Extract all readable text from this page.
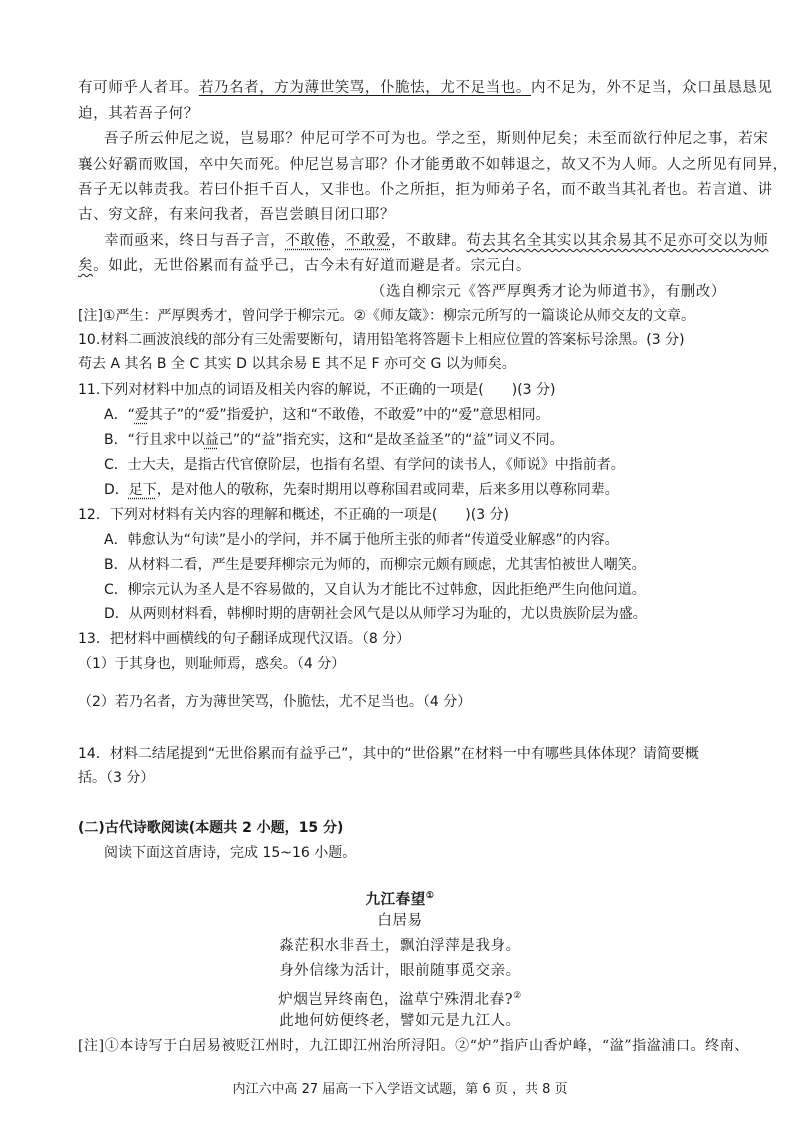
有可师乎人者耳。若乃名者，方为薄世笑骂，仆脆怯，尤不足当也。内不足为，外不足当，众口虽恳恳见
迫，其若吾子何？
吾子所云仲尼之说，岂易耶？仲尼可学不可为也。学之至，斯则仲尼矣；未至而欲行仲尼之事，若宋
襄公好霸而败国，卒中矢而死。仲尼岂易言耶？仆才能勇敢不如韩退之，故又不为人师。人之所见有同异，
吾子无以韩责我。若曰仆拒千百人，又非也。仆之所拒，拒为师弟子名，而不敢当其礼者也。若言道、讲
古、穷文辞，有来问我者，吾岂尝瞋目闭口耶？
幸而亟来，终日与吾子言，不敢倦，不敢爱，不敢肆。苟去其名全其实以其余易其不足亦可交以为师
矣。如此，无世俗累而有益乎己，古今未有好道而避是者。宗元白。
（选自柳宗元《答严厚舆秀才论为师道书》，有删改）
[注]①严生：严厚舆秀才，曾问学于柳宗元。②《师友箴》：柳宗元所写的一篇谈论从师交友的文章。
10.材料二画波浪线的部分有三处需要断句，请用铅笔将答题卡上相应位置的答案标号涂黑。(3 分)
苟去 A 其名 B 全 C 其实 D 以其余易 E 其不足 F 亦可交 G 以为师矣。
11.下列对材料中加点的词语及相关内容的解说，不正确的一项是(　　)(3 分)
A．“爱其子”的“爱”指爱护，这和“不敢倦，不敢爱”中的“爱”意思相同。
B．“行且求中以益己”的“益”指充实，这和“是故圣益圣”的“益”词义不同。
C．士大夫，是指古代官僚阶层，也指有名望、有学问的读书人，《师说》中指前者。
D．足下，是对他人的敬称，先秦时期用以尊称国君或同辈，后来多用以尊称同辈。
12．下列对材料有关内容的理解和概述，不正确的一项是(　　)(3 分)
A．韩愈认为“句读”是小的学问，并不属于他所主张的师者“传道受业解惑”的内容。
B．从材料二看，严生是要拜柳宗元为师的，而柳宗元颇有顾虑，尤其害怕被世人嘲笑。
C．柳宗元认为圣人是不容易做的，又自认为才能比不过韩愈，因此拒绝严生向他问道。
D．从两则材料看，韩柳时期的唐朝社会风气是以从师学习为耻的，尤以贵族阶层为盛。
13．把材料中画横线的句子翻译成现代汉语。（8 分）
（1）于其身也，则耻师焉，惑矣。（4 分）
（2）若乃名者，方为薄世笑骂，仆脆怯，尤不足当也。（4 分）
14．材料二结尾提到“无世俗累而有益乎己”，其中的“世俗累”在材料一中有哪些具体体现？请简要概
括。（3 分）
(二)古代诗歌阅读(本题共 2 小题，15 分)
阅读下面这首唐诗，完成 15~16 小题。
九江春望①
白居易
淼茫积水非吾土，飘泊浮萍是我身。
身外信缘为活计，眼前随事觅交亲。
炉烟岂异终南色，湓草宁殊渭北春?②
此地何妨便终老，譬如元是九江人。
[注]①本诗写于白居易被贬江州时，九江即江州治所浔阳。②“炉”指庐山香炉峰，“湓”指湓浦口。终南、
内江六中高 27 届高一下入学语文试题，第 6 页 ，共 8 页
